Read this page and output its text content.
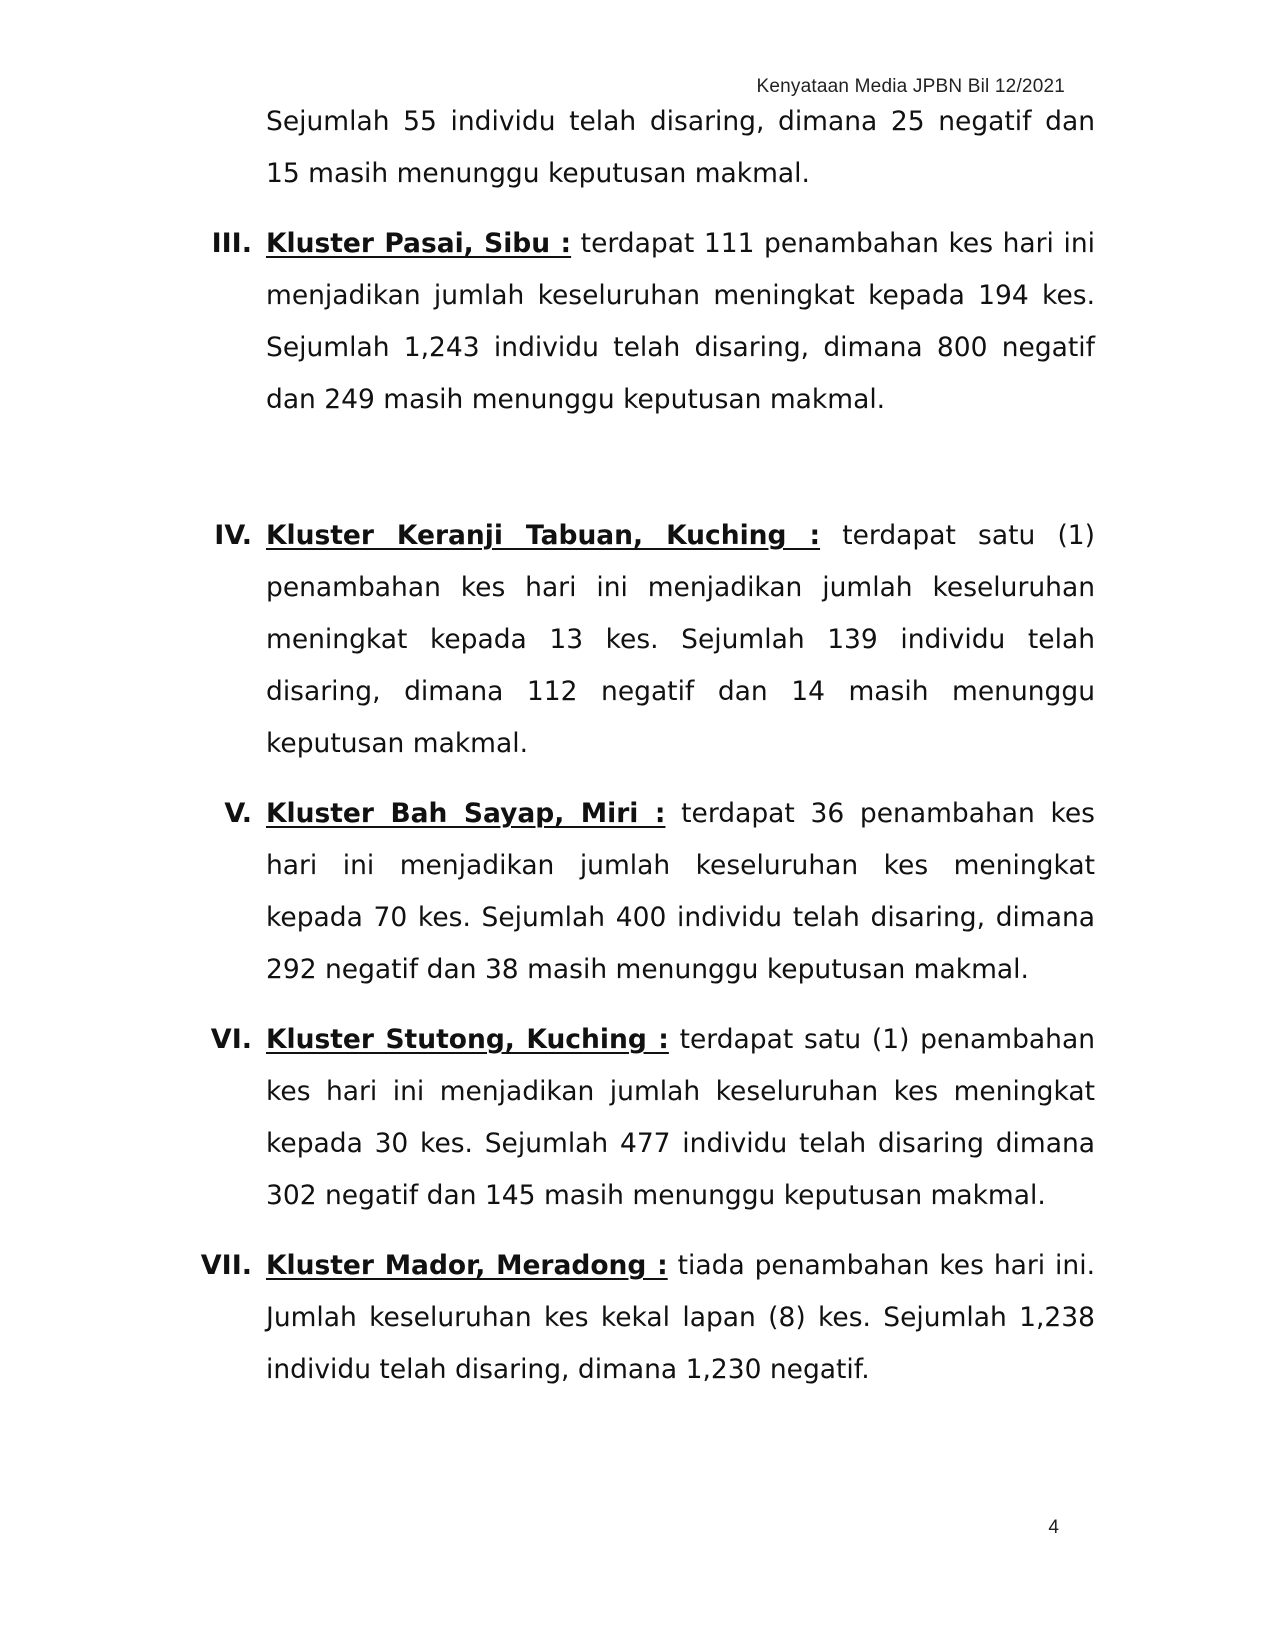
Kenyataan Media JPBN Bil 12/2021

Sejumlah 55 individu telah disaring, dimana 25 negatif dan 15 masih menunggu keputusan makmal.

III. Kluster Pasai, Sibu : terdapat 111 penambahan kes hari ini menjadikan jumlah keseluruhan meningkat kepada 194 kes. Sejumlah 1,243 individu telah disaring, dimana 800 negatif dan 249 masih menunggu keputusan makmal.

IV. Kluster Keranji Tabuan, Kuching : terdapat satu (1) penambahan kes hari ini menjadikan jumlah keseluruhan meningkat kepada 13 kes. Sejumlah 139 individu telah disaring, dimana 112 negatif dan 14 masih menunggu keputusan makmal.

V. Kluster Bah Sayap, Miri : terdapat 36 penambahan kes hari ini menjadikan jumlah keseluruhan kes meningkat kepada 70 kes. Sejumlah 400 individu telah disaring, dimana 292 negatif dan 38 masih menunggu keputusan makmal.

VI. Kluster Stutong, Kuching : terdapat satu (1) penambahan kes hari ini menjadikan jumlah keseluruhan kes meningkat kepada 30 kes. Sejumlah 477 individu telah disaring dimana 302 negatif dan 145 masih menunggu keputusan makmal.

VII. Kluster Mador, Meradong : tiada penambahan kes hari ini. Jumlah keseluruhan kes kekal lapan (8) kes. Sejumlah 1,238 individu telah disaring, dimana 1,230 negatif.

4
